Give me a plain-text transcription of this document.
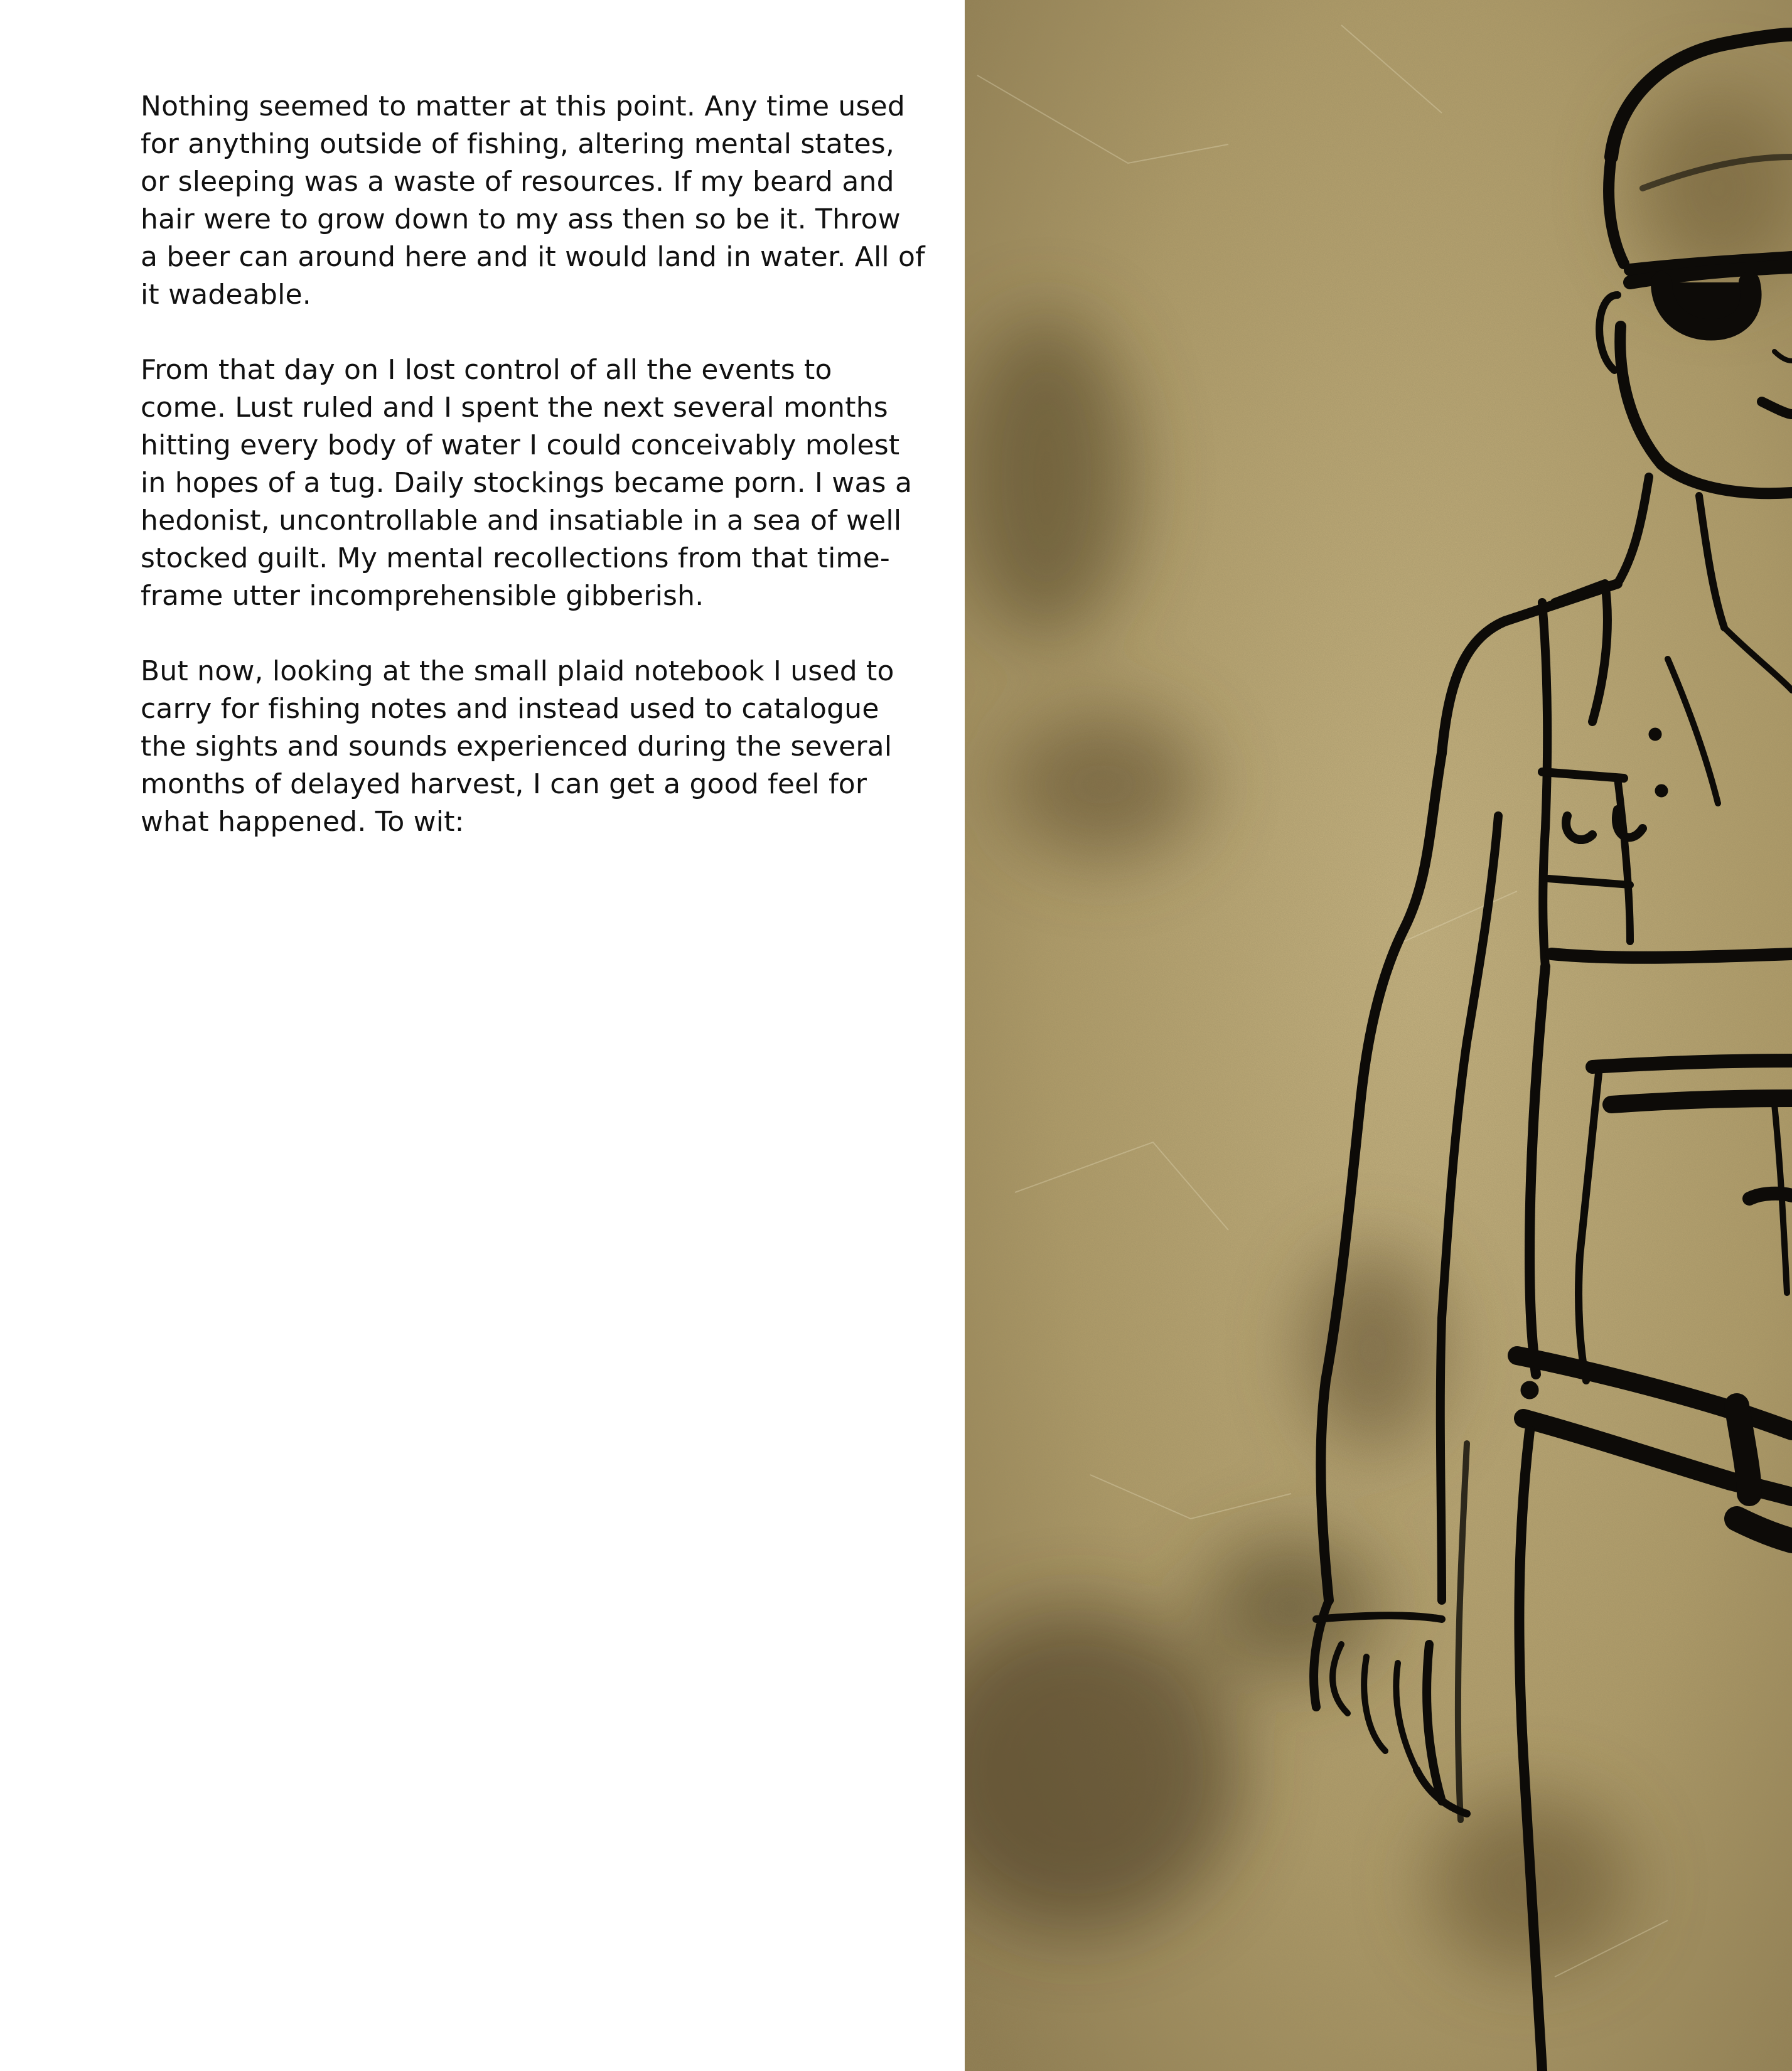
Nothing seemed to matter at this point. Any time used for anything outside of fishing, altering mental states, or sleeping was a waste of resources. If my beard and hair were to grow down to my ass then so be it. Throw a beer can around here and it would land in water. All of it wadeable.

From that day on I lost control of all the events to come. Lust ruled and I spent the next several months hitting every body of water I could conceivably molest in hopes of a tug. Daily stockings became porn. I was a hedonist, uncontrollable and insatiable in a sea of well stocked guilt. My mental recollections from that time-frame utter incomprehensible gibberish.

But now, looking at the small plaid notebook I used to carry for fishing notes and instead used to catalogue the sights and sounds experienced during the several months of delayed harvest, I can get a good feel for what happened. To wit:
